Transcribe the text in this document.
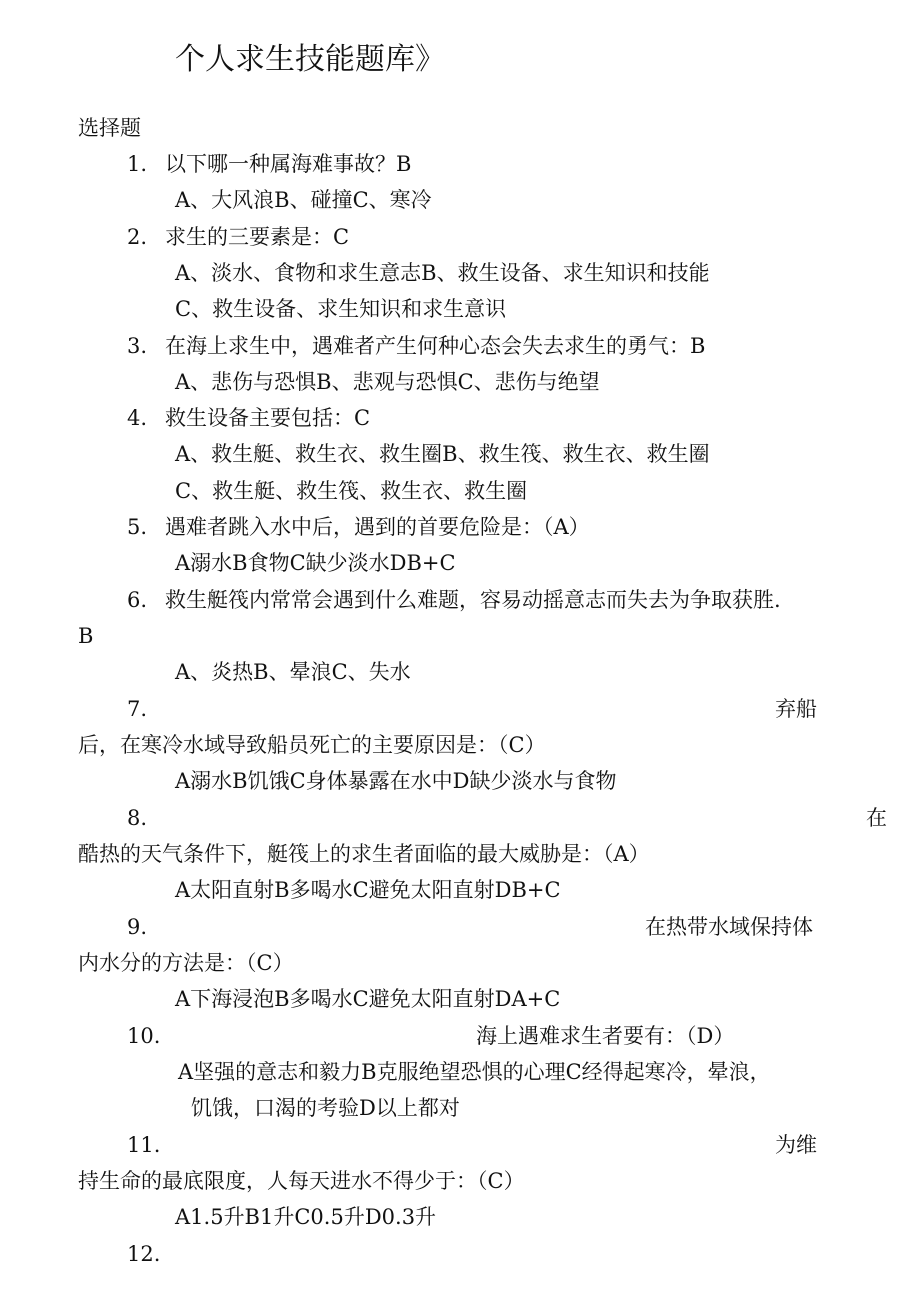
个人求生技能题库》
选择题
1. 以下哪一种属海难事故？B
A、大风浪B、碰撞C、寒冷
2. 求生的三要素是：C
A、淡水、食物和求生意志B、救生设备、求生知识和技能
C、救生设备、求生知识和求生意识
3. 在海上求生中，遇难者产生何种心态会失去求生的勇气：B
A、悲伤与恐惧B、悲观与恐惧C、悲伤与绝望
4. 救生设备主要包括：C
A、救生艇、救生衣、救生圈B、救生筏、救生衣、救生圈
C、救生艇、救生筏、救生衣、救生圈
5. 遇难者跳入水中后，遇到的首要危险是：（A）
A溺水B食物C缺少淡水DB+C
6. 救生艇筏内常常会遇到什么难题，容易动摇意志而失去为争取获胜.
B
A、炎热B、晕浪C、失水
7.	弃船
后，在寒冷水域导致船员死亡的主要原因是：（C）
A溺水B饥饿C身体暴露在水中D缺少淡水与食物
8.	在
酷热的天气条件下，艇筏上的求生者面临的最大威胁是：（A）
A太阳直射B多喝水C避免太阳直射DB+C
9.	在热带水域保持体
内水分的方法是：（C）
A下海浸泡B多喝水C避免太阳直射DA+C
10.	海上遇难求生者要有：（D）
A坚强的意志和毅力B克服绝望恐惧的心理C经得起寒冷，晕浪，
饥饿，口渴的考验D以上都对
11.	为维
持生命的最底限度，人每天进水不得少于：（C）
A1.5升B1升C0.5升D0.3升
12.
